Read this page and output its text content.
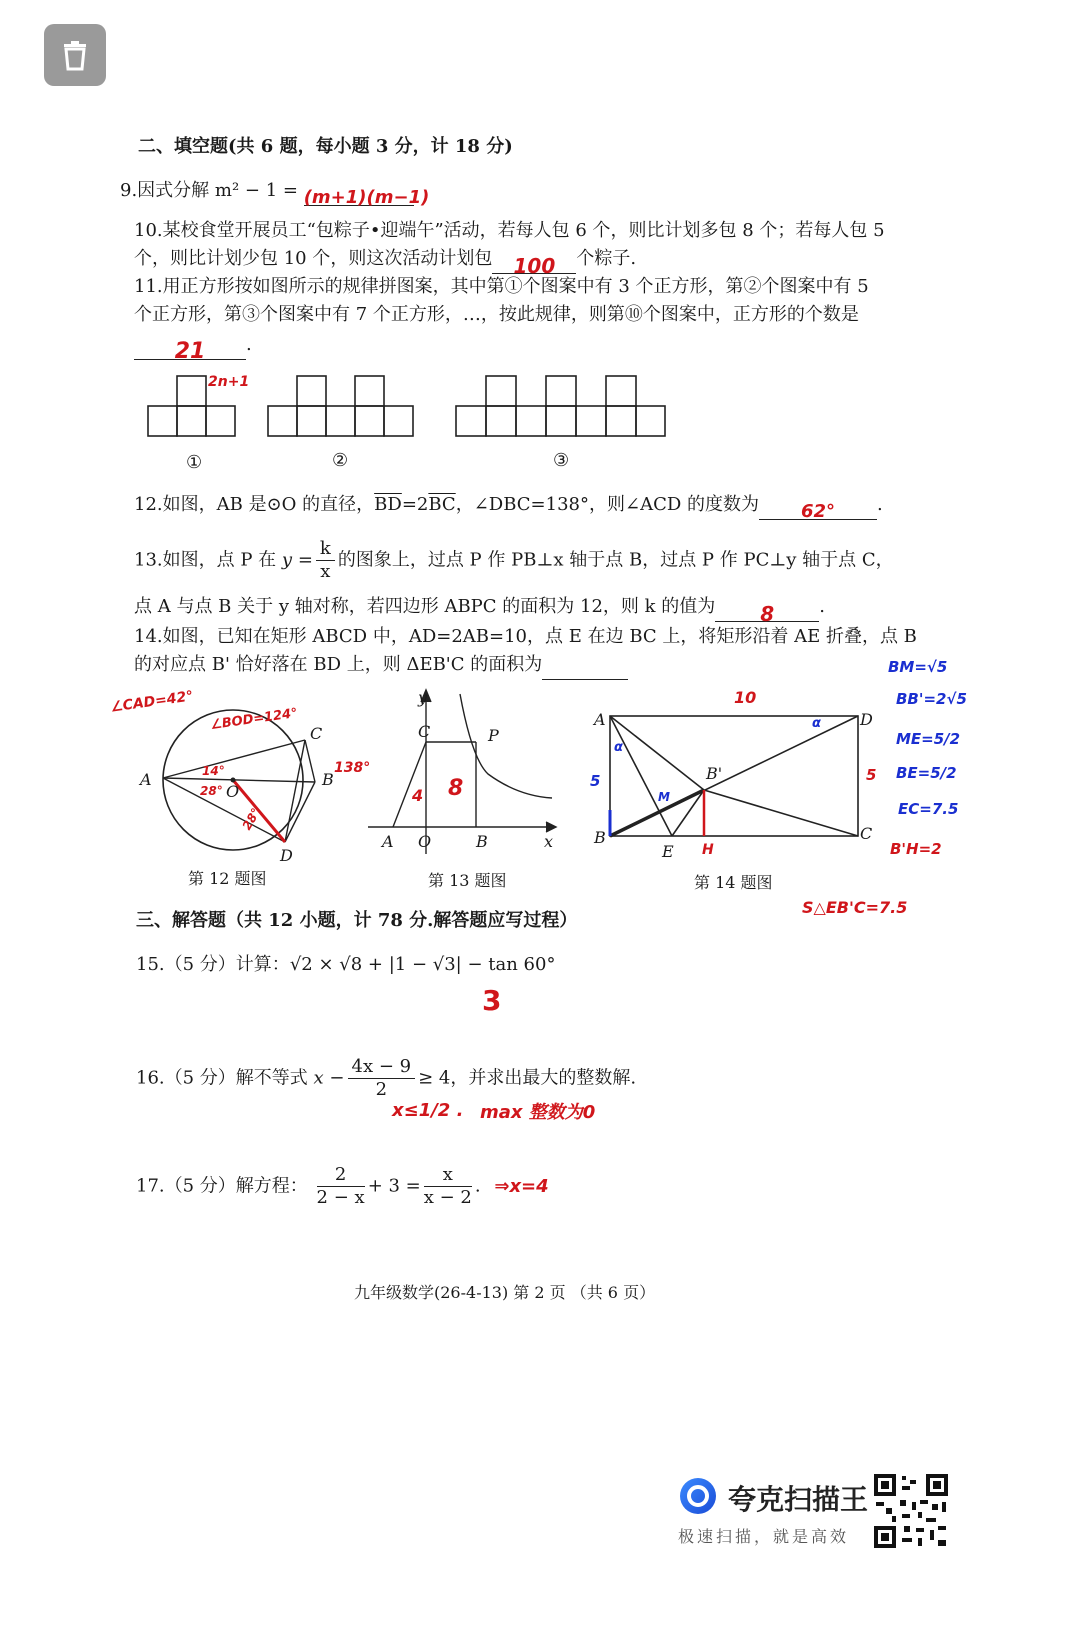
二、填空题(共 6 题，每小题 3 分，计 18 分)
9.因式分解 m² − 1 = (m+1)(m−1)
10.某校食堂开展员工“包粽子•迎端午”活动，若每人包 6 个，则比计划多包 8 个；若每人包 5
个，则比计划少包 10 个，则这次活动计划包 100 个粽子.
11.用正方形按如图所示的规律拼图案，其中第①个图案中有 3 个正方形，第②个图案中有 5
个正方形，第③个图案中有 7 个正方形，…，按此规律，则第⑩个图案中，正方形的个数是
21 .
2n+1
①	②	③
12.如图，AB 是⊙O 的直径，$\overline{BD}=2\overline{BC}$，∠DBC=138°，则∠ACD 的度数为 62° .
13.如图，点 P 在 $y = \frac{k}{x}$ 的图象上，过点 P 作 PB⊥x 轴于点 B，过点 P 作 PC⊥y 轴于点 C，
点 A 与点 B 关于 y 轴对称，若四边形 ABPC 的面积为 12，则 k 的值为 8	.
14.如图，已知在矩形 ABCD 中，AD=2AB=10，点 E 在边 BC 上，将矩形沿着 AE 折叠，点 B
的对应点 B' 恰好落在 BD 上，则 ΔEB'C 的面积为
A	B
C
D
O
∠CAD=42°
∠BOD=124°
14°
28°
138°
28°
第 12 题图
y
x
C	P
A O	B
4 8
第 13 题图
A	D
B	C
E
B'
H
10
5	5
M
α
α
第 14 题图
BM=√5
BB'=2√5
ME=5/2
BE=5/2
EC=7.5
B'H=2
S△EB'C=7.5
三、解答题（共 12 小题，计 78 分.解答题应写过程）
15.（5 分）计算：√2 × √8 + |1 − √3| − tan 60°
3
16.（5 分）解不等式 $x - \frac{4x - 9}{2} \ge 4$，并求出最大的整数解.
x≤1/2 . max 整数为0
17.（5 分）解方程： $\frac{2}{2 - x} + 3 = \frac{x}{x - 2}$ . ⇒x=4
九年级数学(26-4-13) 第 2 页 （共 6 页）
夸克扫描王
极速扫描，就是高效
